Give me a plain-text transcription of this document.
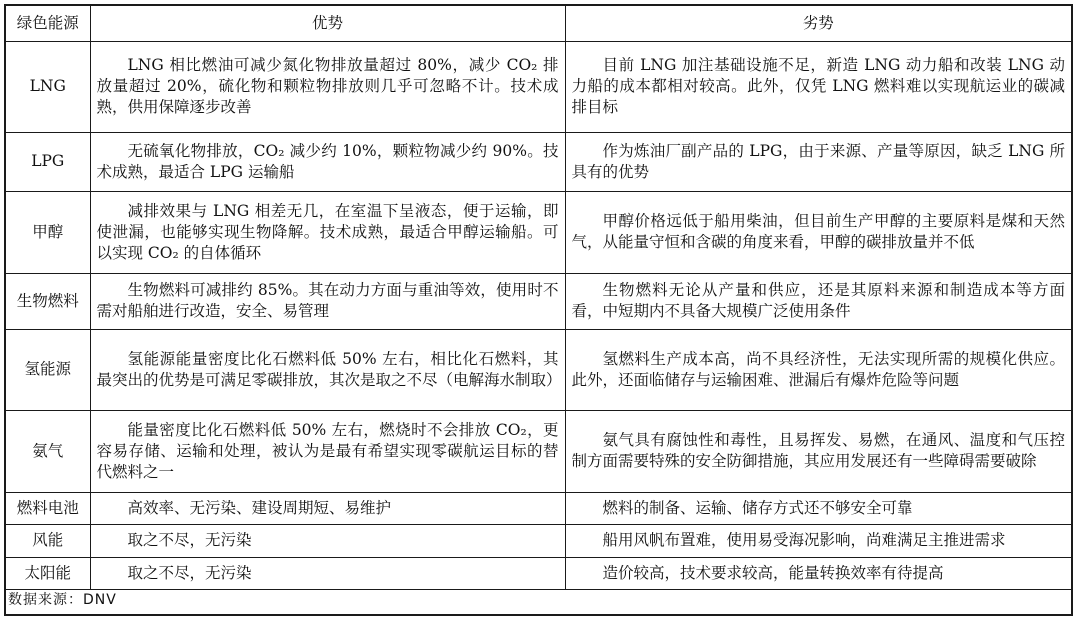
绿色能源	优势	劣势
LNG	LNG 相比燃油可减少氮化物排放量超过 80%，减少 CO₂ 排放量超过 20%，硫化物和颗粒物排放则几乎可忽略不计。技术成熟，供用保障逐步改善	目前 LNG 加注基础设施不足，新造 LNG 动力船和改装 LNG 动力船的成本都相对较高。此外，仅凭 LNG 燃料难以实现航运业的碳减排目标
LPG	无硫氧化物排放，CO₂ 减少约 10%，颗粒物减少约 90%。技术成熟，最适合 LPG 运输船	作为炼油厂副产品的 LPG，由于来源、产量等原因，缺乏 LNG 所具有的优势
甲醇	减排效果与 LNG 相差无几，在室温下呈液态，便于运输，即使泄漏，也能够实现生物降解。技术成熟，最适合甲醇运输船。可以实现 CO₂ 的自体循环	甲醇价格远低于船用柴油，但目前生产甲醇的主要原料是煤和天然气，从能量守恒和含碳的角度来看，甲醇的碳排放量并不低
生物燃料	生物燃料可减排约 85%。其在动力方面与重油等效，使用时不需对船舶进行改造，安全、易管理	生物燃料无论从产量和供应，还是其原料来源和制造成本等方面看，中短期内不具备大规模广泛使用条件
氢能源	氢能源能量密度比化石燃料低 50% 左右，相比化石燃料，其最突出的优势是可满足零碳排放，其次是取之不尽（电解海水制取）	氢燃料生产成本高，尚不具经济性，无法实现所需的规模化供应。此外，还面临储存与运输困难、泄漏后有爆炸危险等问题
氨气	能量密度比化石燃料低 50% 左右，燃烧时不会排放 CO₂，更容易存储、运输和处理，被认为是最有希望实现零碳航运目标的替代燃料之一	氨气具有腐蚀性和毒性，且易挥发、易燃，在通风、温度和气压控制方面需要特殊的安全防御措施，其应用发展还有一些障碍需要破除
燃料电池	高效率、无污染、建设周期短、易维护	燃料的制备、运输、储存方式还不够安全可靠
风能	取之不尽，无污染	船用风帆布置难，使用易受海况影响，尚难满足主推进需求
太阳能	取之不尽，无污染	造价较高，技术要求较高，能量转换效率有待提高
数据来源：DNV
